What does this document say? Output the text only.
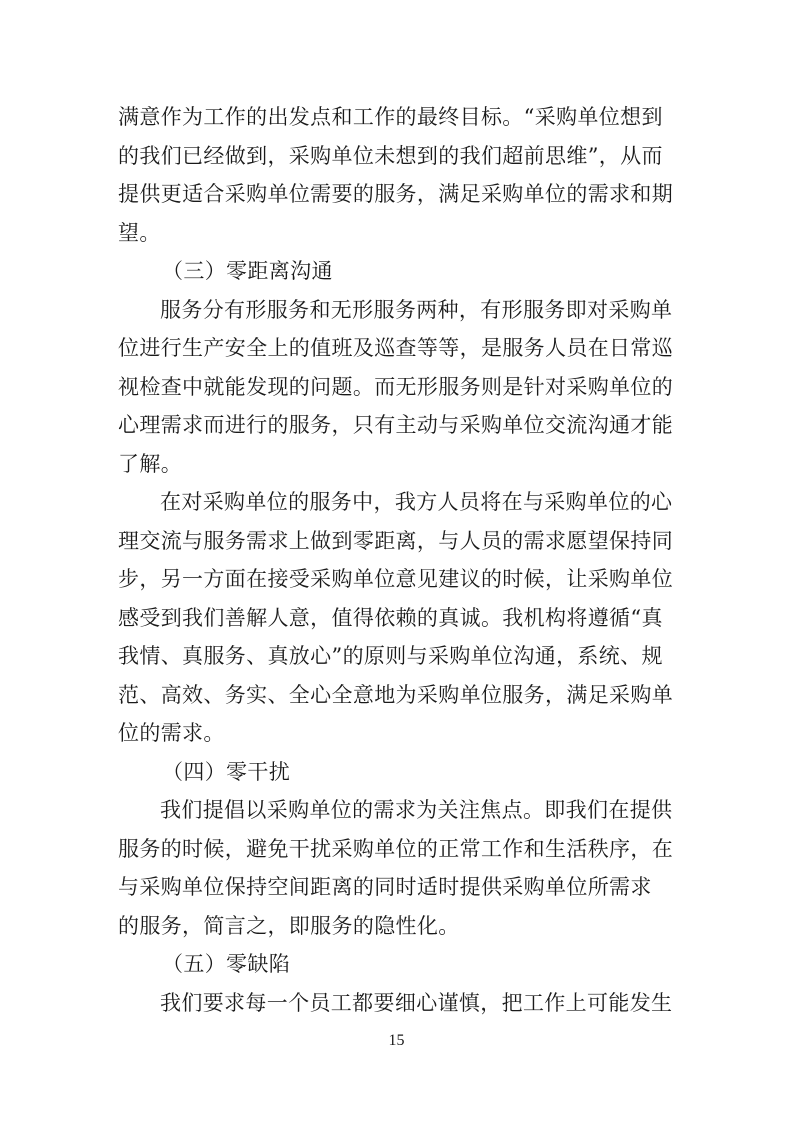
满意作为工作的出发点和工作的最终目标。“采购单位想到
的我们已经做到，采购单位未想到的我们超前思维”，从而
提供更适合采购单位需要的服务，满足采购单位的需求和期
望。
（三）零距离沟通
服务分有形服务和无形服务两种，有形服务即对采购单
位进行生产安全上的值班及巡查等等，是服务人员在日常巡
视检查中就能发现的问题。而无形服务则是针对采购单位的
心理需求而进行的服务，只有主动与采购单位交流沟通才能
了解。
在对采购单位的服务中，我方人员将在与采购单位的心
理交流与服务需求上做到零距离，与人员的需求愿望保持同
步，另一方面在接受采购单位意见建议的时候，让采购单位
感受到我们善解人意，值得依赖的真诚。我机构将遵循“真
我情、真服务、真放心”的原则与采购单位沟通，系统、规
范、高效、务实、全心全意地为采购单位服务，满足采购单
位的需求。
（四）零干扰
我们提倡以采购单位的需求为关注焦点。即我们在提供
服务的时候，避免干扰采购单位的正常工作和生活秩序，在
与采购单位保持空间距离的同时适时提供采购单位所需求
的服务，简言之，即服务的隐性化。
（五）零缺陷
我们要求每一个员工都要细心谨慎，把工作上可能发生
15
